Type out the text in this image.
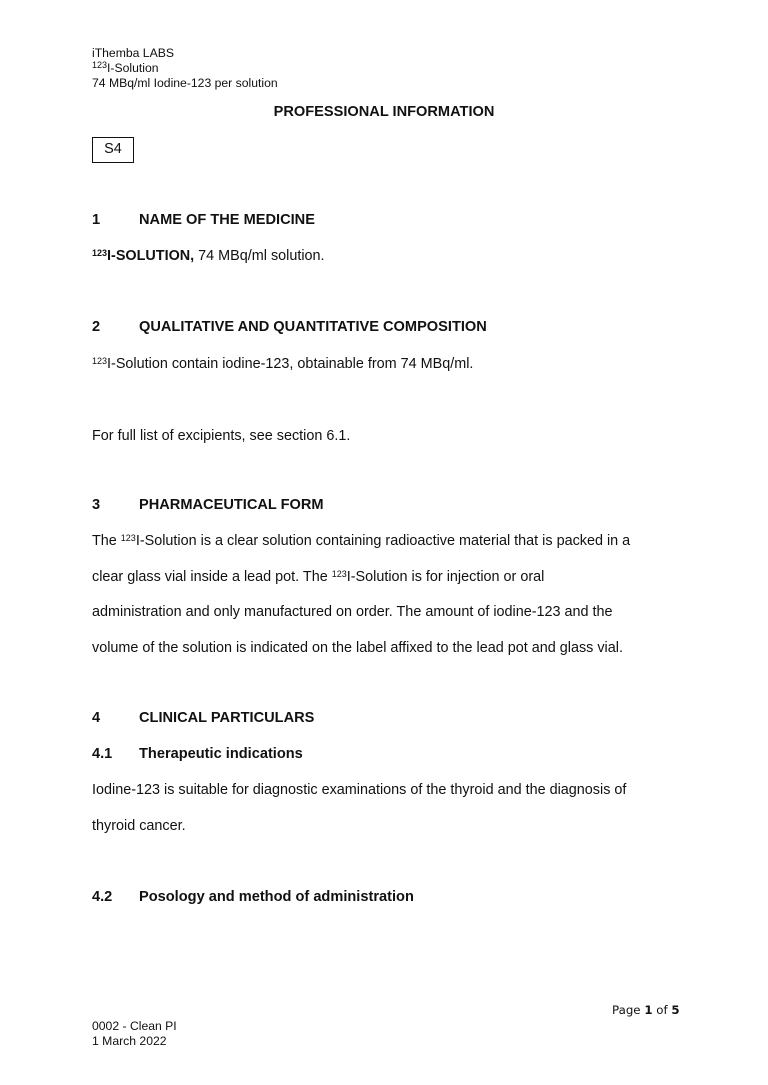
iThemba LABS
$^{123}$I-Solution
74 MBq/ml Iodine-123 per solution
PROFESSIONAL INFORMATION
S4
1	NAME OF THE MEDICINE
$^{123}$I-SOLUTION, 74 MBq/ml solution.
2	QUALITATIVE AND QUANTITATIVE COMPOSITION
$^{123}$I-Solution contain iodine-123, obtainable from 74 MBq/ml.
For full list of excipients, see section 6.1.
3	PHARMACEUTICAL FORM
The $^{123}$I-Solution is a clear solution containing radioactive material that is packed in a
clear glass vial inside a lead pot. The $^{123}$I-Solution is for injection or oral
administration and only manufactured on order. The amount of iodine-123 and the
volume of the solution is indicated on the label affixed to the lead pot and glass vial.
4	CLINICAL PARTICULARS
4.1 Therapeutic indications
Iodine-123 is suitable for diagnostic examinations of the thyroid and the diagnosis of
thyroid cancer.
4.2 Posology and method of administration
Page 1 of 5
0002 - Clean PI
1 March 2022
